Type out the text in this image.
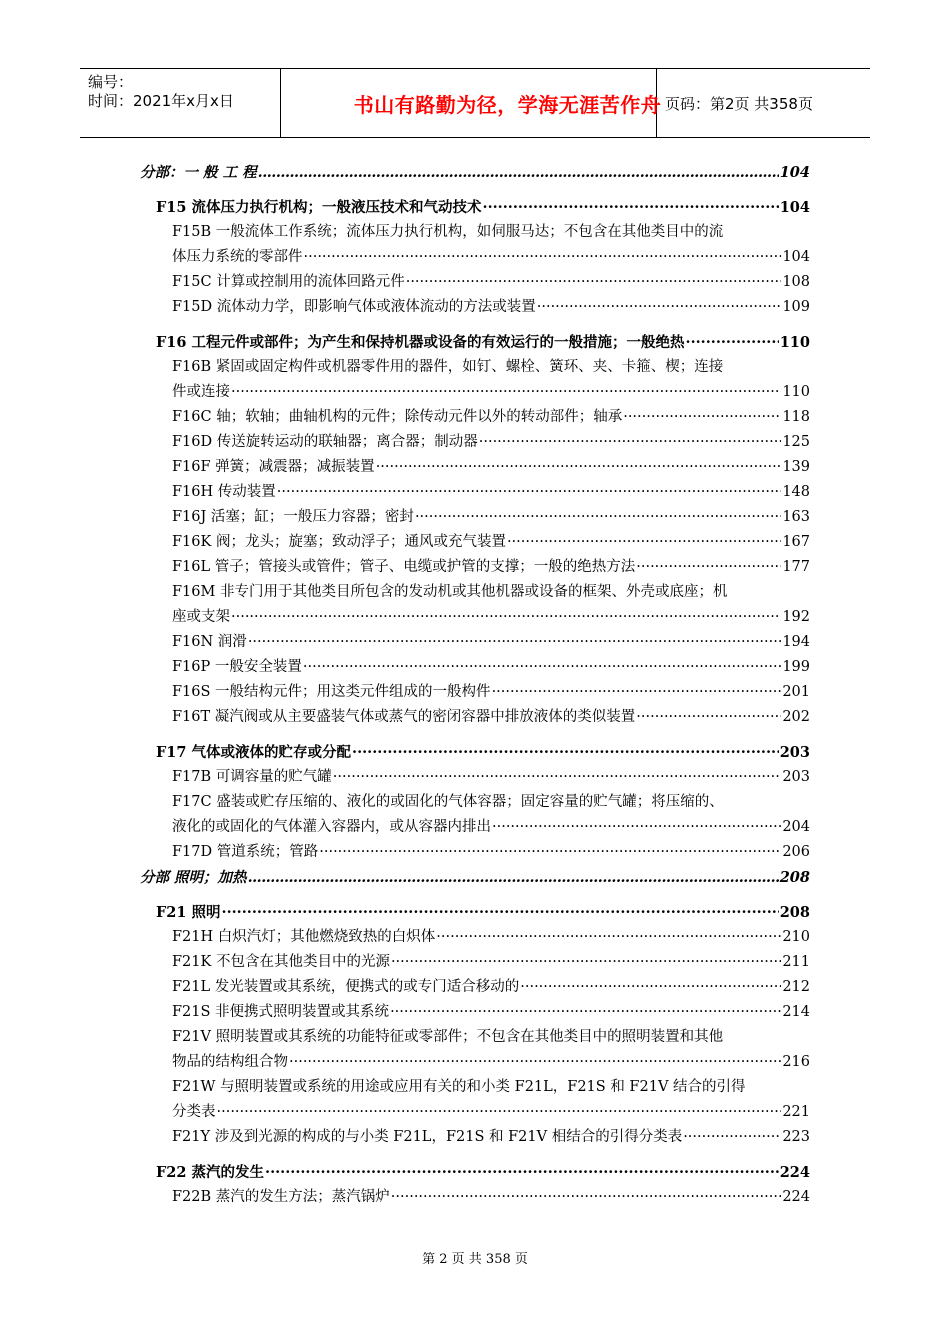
编号：
时间：2021年x月x日	书山有路勤为径，学海无涯苦作舟 页码：第2页 共358页
分部：一 般 工 程 .....	104
F15 流体压力执行机构；一般液压技术和气动技术 ·····	104
F15B 一般流体工作系统；流体压力执行机构，如伺服马达；不包含在其他类目中的流
体压力系统的零部件 ·····	104
F15C 计算或控制用的流体回路元件 ·····	108
F15D 流体动力学，即影响气体或液体流动的方法或装置 ·····	109
F16 工程元件或部件；为产生和保持机器或设备的有效运行的一般措施；一般绝热 ·····	110
F16B 紧固或固定构件或机器零件用的器件，如钉、螺栓、簧环、夹、卡箍、楔；连接
件或连接 ·····	110
F16C 轴；软轴；曲轴机构的元件；除传动元件以外的转动部件；轴承 ·····	118
F16D 传送旋转运动的联轴器；离合器；制动器 ·····	125
F16F 弹簧；减震器；减振装置 ·····	139
F16H 传动装置 ·····	148
F16J 活塞；缸；一般压力容器；密封 ·····	163
F16K 阀；龙头；旋塞；致动浮子；通风或充气装置 ·····	167
F16L 管子；管接头或管件；管子、电缆或护管的支撑；一般的绝热方法 ·····	177
F16M 非专门用于其他类目所包含的发动机或其他机器或设备的框架、外壳或底座；机
座或支架 ·····	192
F16N 润滑 ·····	194
F16P 一般安全装置 ·····	199
F16S 一般结构元件；用这类元件组成的一般构件 ·····	201
F16T 凝汽阀或从主要盛装气体或蒸气的密闭容器中排放液体的类似装置 ·····	202
F17 气体或液体的贮存或分配 ·····	203
F17B 可调容量的贮气罐 ·····	203
F17C 盛装或贮存压缩的、液化的或固化的气体容器；固定容量的贮气罐；将压缩的、
液化的或固化的气体灌入容器内，或从容器内排出 ·····	204
F17D 管道系统；管路 ·····	206
分部 照明；加热 .....	208
F21 照明 ·····	208
F21H 白炽汽灯；其他燃烧致热的白炽体 ·····	210
F21K 不包含在其他类目中的光源 ·····	211
F21L 发光装置或其系统，便携式的或专门适合移动的 ·····	212
F21S 非便携式照明装置或其系统 ·····	214
F21V 照明装置或其系统的功能特征或零部件；不包含在其他类目中的照明装置和其他
物品的结构组合物 ·····	216
F21W 与照明装置或系统的用途或应用有关的和小类 F21L，F21S 和 F21V 结合的引得
分类表 ·····	221
F21Y 涉及到光源的构成的与小类 F21L，F21S 和 F21V 相结合的引得分类表 ·····	223
F22 蒸汽的发生 ·····	224
F22B 蒸汽的发生方法；蒸汽锅炉 ·····	224
第 2 页 共 358 页
